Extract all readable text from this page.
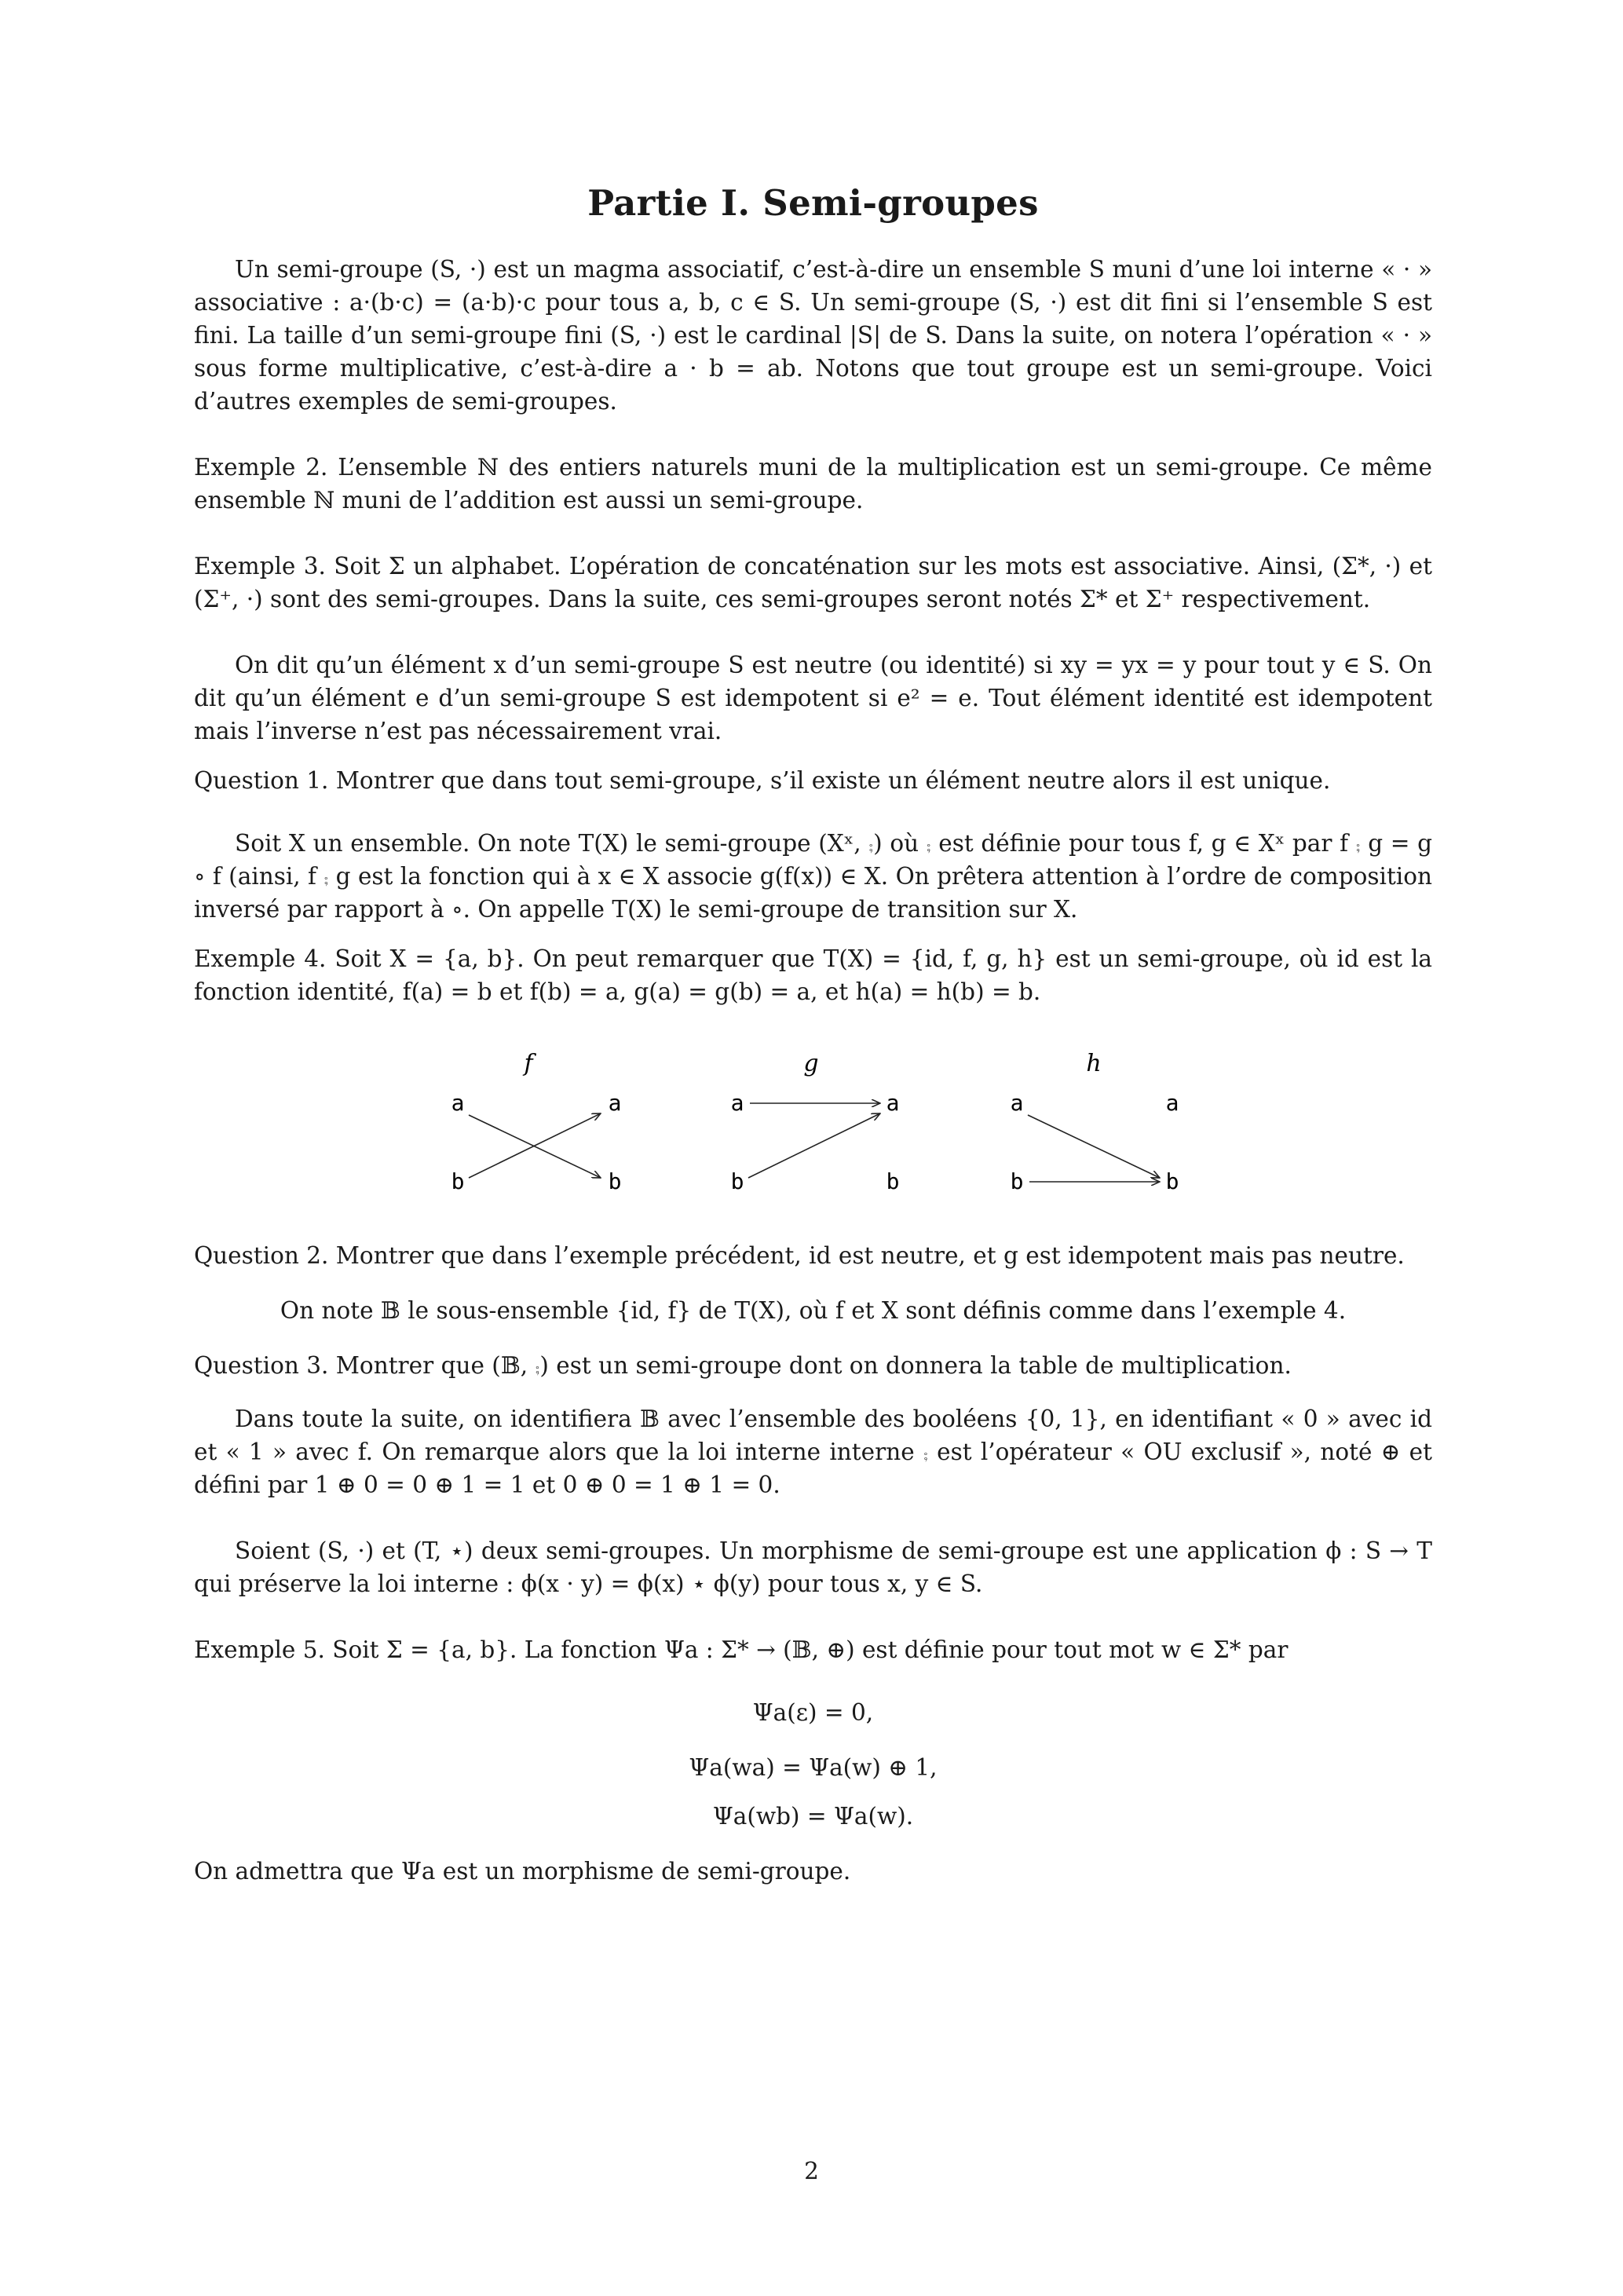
Partie I. Semi-groupes

Un semi-groupe (S, ·) est un magma associatif, c’est-à-dire un ensemble S muni d’une loi interne « · » associative : a·(b·c) = (a·b)·c pour tous a, b, c ∈ S. Un semi-groupe (S, ·) est dit fini si l’ensemble S est fini. La taille d’un semi-groupe fini (S, ·) est le cardinal |S| de S. Dans la suite, on notera l’opération « · » sous forme multiplicative, c’est-à-dire a · b = ab. Notons que tout groupe est un semi-groupe. Voici d’autres exemples de semi-groupes.

Exemple 2. L’ensemble ℕ des entiers naturels muni de la multiplication est un semi-groupe. Ce même ensemble ℕ muni de l’addition est aussi un semi-groupe.

Exemple 3. Soit Σ un alphabet. L’opération de concaténation sur les mots est associative. Ainsi, (Σ*, ·) et (Σ⁺, ·) sont des semi-groupes. Dans la suite, ces semi-groupes seront notés Σ* et Σ⁺ respectivement.

On dit qu’un élément x d’un semi-groupe S est neutre (ou identité) si xy = yx = y pour tout y ∈ S. On dit qu’un élément e d’un semi-groupe S est idempotent si e² = e. Tout élément identité est idempotent mais l’inverse n’est pas nécessairement vrai.

Question 1. Montrer que dans tout semi-groupe, s’il existe un élément neutre alors il est unique.

Soit X un ensemble. On note T(X) le semi-groupe (Xˣ, ⨾) où ⨾ est définie pour tous f, g ∈ Xˣ par f ⨾ g = g ∘ f (ainsi, f ⨾ g est la fonction qui à x ∈ X associe g(f(x)) ∈ X. On prêtera attention à l’ordre de composition inversé par rapport à ∘. On appelle T(X) le semi-groupe de transition sur X.

Exemple 4. Soit X = {a, b}. On peut remarquer que T(X) = {id, f, g, h} est un semi-groupe, où id est la fonction identité, f(a) = b et f(b) = a, g(a) = g(b) = a, et h(a) = h(b) = b.

f
a	a
b	b
g
a	a
b	b
h
a	a
b	b

Question 2. Montrer que dans l’exemple précédent, id est neutre, et g est idempotent mais pas neutre.

On note 𝔹 le sous-ensemble {id, f} de T(X), où f et X sont définis comme dans l’exemple 4.

Question 3. Montrer que (𝔹, ⨾) est un semi-groupe dont on donnera la table de multiplication.

Dans toute la suite, on identifiera 𝔹 avec l’ensemble des booléens {0, 1}, en identifiant « 0 » avec id et « 1 » avec f. On remarque alors que la loi interne interne ⨾ est l’opérateur « OU exclusif », noté ⊕ et défini par 1 ⊕ 0 = 0 ⊕ 1 = 1 et 0 ⊕ 0 = 1 ⊕ 1 = 0.

Soient (S, ·) et (T, ⋆) deux semi-groupes. Un morphisme de semi-groupe est une application ϕ : S → T qui préserve la loi interne : ϕ(x · y) = ϕ(x) ⋆ ϕ(y) pour tous x, y ∈ S.

Exemple 5. Soit Σ = {a, b}. La fonction Ψa : Σ* → (𝔹, ⊕) est définie pour tout mot w ∈ Σ* par

Ψa(ε) = 0,

Ψa(wa) = Ψa(w) ⊕ 1,

Ψa(wb) = Ψa(w).

On admettra que Ψa est un morphisme de semi-groupe.

2
